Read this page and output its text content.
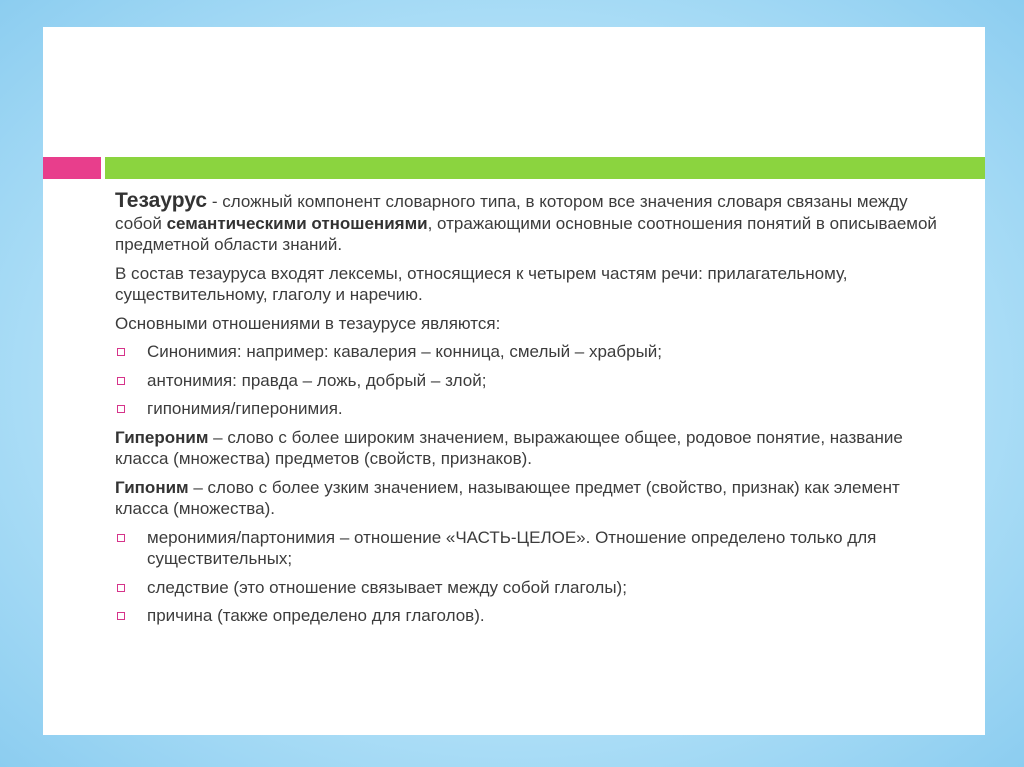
Тезаурус - сложный компонент словарного типа, в котором все значения словаря связаны между собой семантическими отношениями, отражающими основные соотношения понятий в описываемой предметной области знаний.

В состав тезауруса входят лексемы, относящиеся к четырем частям речи: прилагательному, существительному, глаголу и наречию.

Основными отношениями в тезаурусе являются:

Синонимия: например: кавалерия – конница, смелый – храбрый;
антонимия: правда – ложь, добрый – злой;
гипонимия/гиперонимия.

Гипероним – слово с более широким значением, выражающее общее, родовое понятие, название класса (множества) предметов (свойств, признаков).

Гипоним – слово с более узким значением, называющее предмет (свойство, признак) как элемент класса (множества).

меронимия/партонимия – отношение «ЧАСТЬ-ЦЕЛОЕ». Отношение определено только для существительных;
следствие (это отношение связывает между собой глаголы);
причина (также определено для глаголов).
